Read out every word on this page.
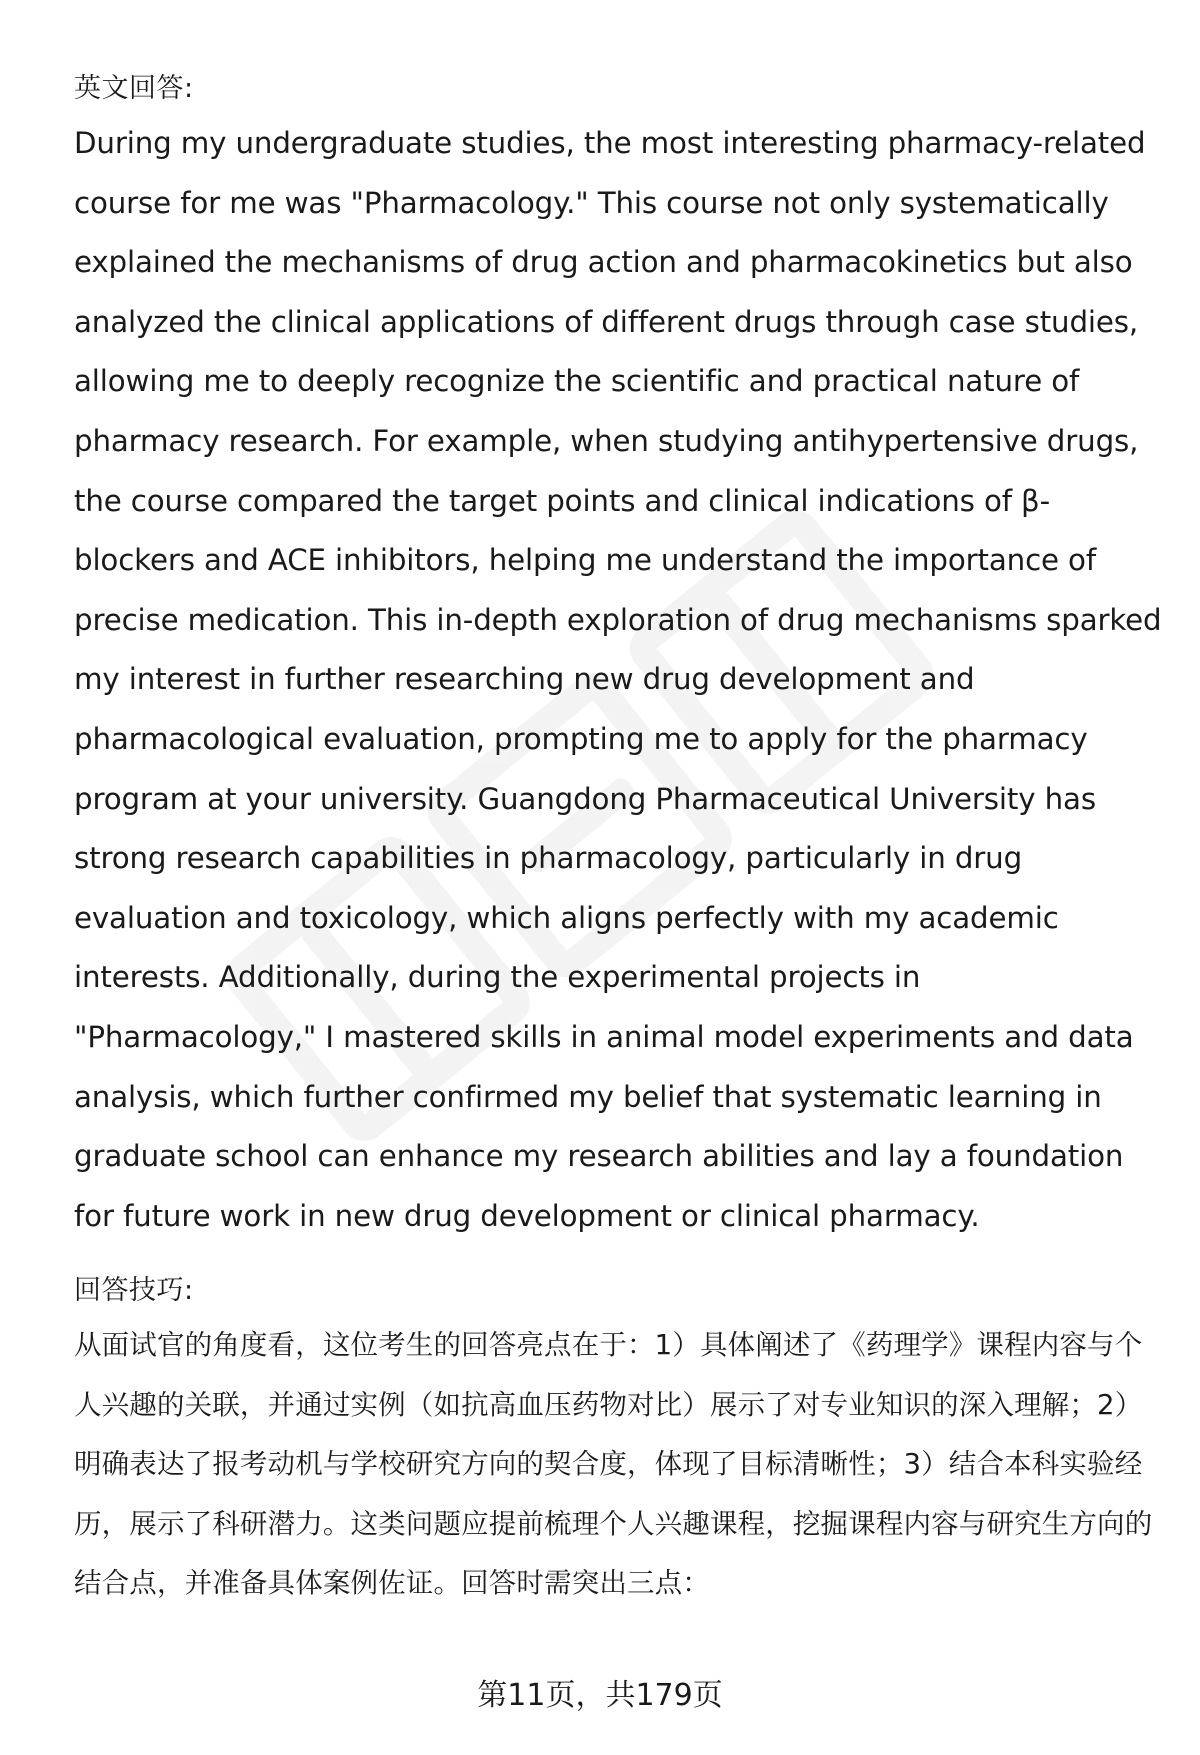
英文回答:

During my undergraduate studies, the most interesting pharmacy-related course for me was "Pharmacology." This course not only systematically explained the mechanisms of drug action and pharmacokinetics but also analyzed the clinical applications of different drugs through case studies, allowing me to deeply recognize the scientific and practical nature of pharmacy research. For example, when studying antihypertensive drugs, the course compared the target points and clinical indications of β-blockers and ACE inhibitors, helping me understand the importance of precise medication. This in-depth exploration of drug mechanisms sparked my interest in further researching new drug development and pharmacological evaluation, prompting me to apply for the pharmacy program at your university. Guangdong Pharmaceutical University has strong research capabilities in pharmacology, particularly in drug evaluation and toxicology, which aligns perfectly with my academic interests. Additionally, during the experimental projects in "Pharmacology," I mastered skills in animal model experiments and data analysis, which further confirmed my belief that systematic learning in graduate school can enhance my research abilities and lay a foundation for future work in new drug development or clinical pharmacy.

回答技巧:

从面试官的角度看，这位考生的回答亮点在于：1）具体阐述了《药理学》课程内容与个人兴趣的关联，并通过实例（如抗高血压药物对比）展示了对专业知识的深入理解；2）明确表达了报考动机与学校研究方向的契合度，体现了目标清晰性；3）结合本科实验经历，展示了科研潜力。这类问题应提前梳理个人兴趣课程，挖掘课程内容与研究生方向的结合点，并准备具体案例佐证。回答时需突出三点：

第11页，共179页
